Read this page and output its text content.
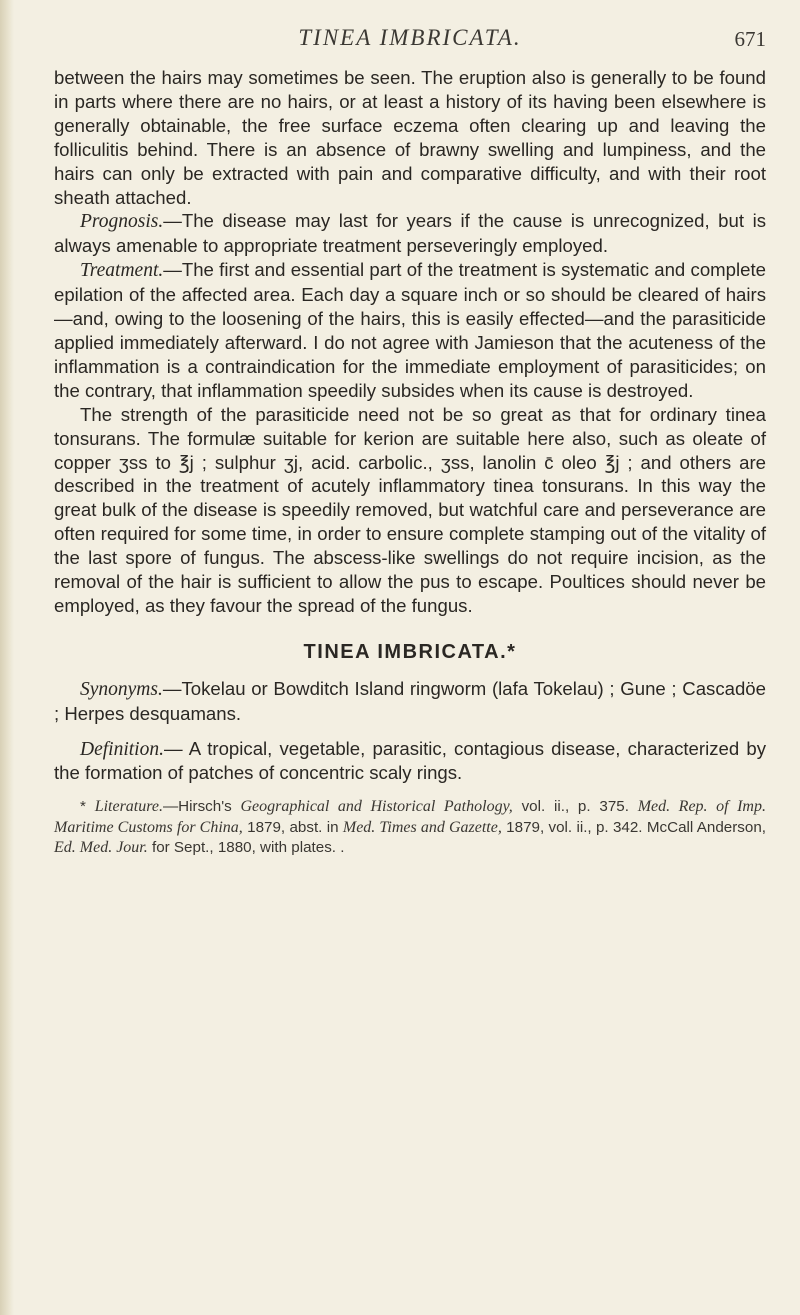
TINEA IMBRICATA.	671

between the hairs may sometimes be seen. The eruption also is generally to be found in parts where there are no hairs, or at least a history of its having been elsewhere is generally obtainable, the free surface eczema often clearing up and leaving the folliculitis behind. There is an absence of brawny swelling and lumpiness, and the hairs can only be extracted with pain and comparative difficulty, and with their root sheath attached.

Prognosis.—The disease may last for years if the cause is unrecognized, but is always amenable to appropriate treatment perseveringly employed.

Treatment.—The first and essential part of the treatment is systematic and complete epilation of the affected area. Each day a square inch or so should be cleared of hairs—and, owing to the loosening of the hairs, this is easily effected—and the parasiticide applied immediately afterward. I do not agree with Jamieson that the acuteness of the inflammation is a contraindication for the immediate employment of parasiticides; on the contrary, that inflammation speedily subsides when its cause is destroyed.

The strength of the parasiticide need not be so great as that for ordinary tinea tonsurans. The formulæ suitable for kerion are suitable here also, such as oleate of copper ʒss to ℥j ; sulphur ʒj, acid. carbolic., ʒss, lanolin c̄ oleo ℥j ; and others are described in the treatment of acutely inflammatory tinea tonsurans. In this way the great bulk of the disease is speedily removed, but watchful care and perseverance are often required for some time, in order to ensure complete stamping out of the vitality of the last spore of fungus. The abscess-like swellings do not require incision, as the removal of the hair is sufficient to allow the pus to escape. Poultices should never be employed, as they favour the spread of the fungus.

TINEA IMBRICATA.*

Synonyms.—Tokelau or Bowditch Island ringworm (lafa Tokelau) ; Gune ; Cascadöe ; Herpes desquamans.

Definition.— A tropical, vegetable, parasitic, contagious disease, characterized by the formation of patches of concentric scaly rings.

* Literature.—Hirsch's Geographical and Historical Pathology, vol. ii., p. 375. Med. Rep. of Imp. Maritime Customs for China, 1879, abst. in Med. Times and Gazette, 1879, vol. ii., p. 342. McCall Anderson, Ed. Med. Jour. for Sept., 1880, with plates. .
